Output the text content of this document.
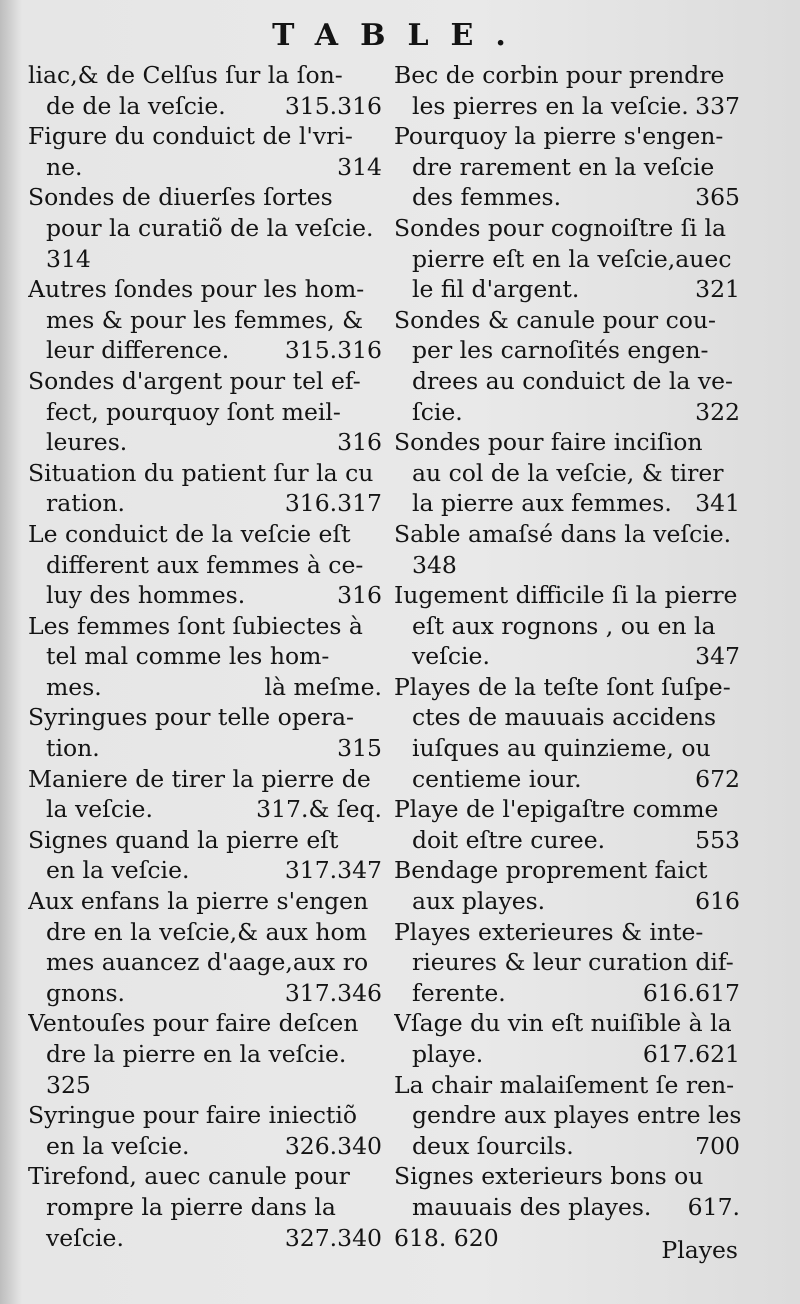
TABLE.
liac,& de Celſus ſur la ſon-
315.316
de de la veſcie.
Figure du conduict de l'vri-
314
ne.
Sondes de diuerſes ſortes
pour la curatiõ de la veſcie.
314
Autres ſondes pour les hom-
mes & pour les femmes, &
315.316
leur difference.
Sondes d'argent pour tel ef-
fect, pourquoy ſont meil-
316
leures.
Situation du patient ſur la cu
316.317
ration.
Le conduict de la veſcie eſt
different aux femmes à ce-
316
luy des hommes.
Les femmes ſont ſubiectes à
tel mal comme les hom-
là meſme.
mes.
Syringues pour telle opera-
315
tion.
Maniere de tirer la pierre de
317.& ſeq.
la veſcie.
Signes quand la pierre eſt
317.347
en la veſcie.
Aux enfans la pierre s'engen
dre en la veſcie,& aux hom
mes auancez d'aage,aux ro
317.346
gnons.
Ventouſes pour faire deſcen
dre la pierre en la veſcie.
325
Syringue pour faire iniectiõ
326.340
en la veſcie.
Tirefond, auec canule pour
rompre la pierre dans la
327.340
veſcie.
Bec de corbin pour prendre
337
les pierres en la veſcie.
Pourquoy la pierre s'engen-
dre rarement en la veſcie
365
des femmes.
Sondes pour cognoiſtre ſi la
pierre eſt en la veſcie,auec
321
le fil d'argent.
Sondes & canule pour cou-
per les carnoſités engen-
drees au conduict de la ve-
322
ſcie.
Sondes pour faire inciſion
au col de la veſcie, & tirer
341
la pierre aux femmes.
Sable amaſsé dans la veſcie.
348
Iugement difficile ſi la pierre
eſt aux rognons , ou en la
347
veſcie.
Playes de la teſte ſont ſuſpe-
ctes de mauuais accidens
iuſques au quinzieme, ou
672
centieme iour.
Playe de l'epigaſtre comme
553
doit eſtre curee.
Bendage proprement faict
616
aux playes.
Playes exterieures & inte-
rieures & leur curation dif-
616.617
ferente.
Vſage du vin eſt nuiſible à la
617.621
playe.
La chair malaiſement ſe ren-
gendre aux playes entre les
700
deux ſourcils.
Signes exterieurs bons ou
617.
mauuais des playes.
618. 620	Playes
